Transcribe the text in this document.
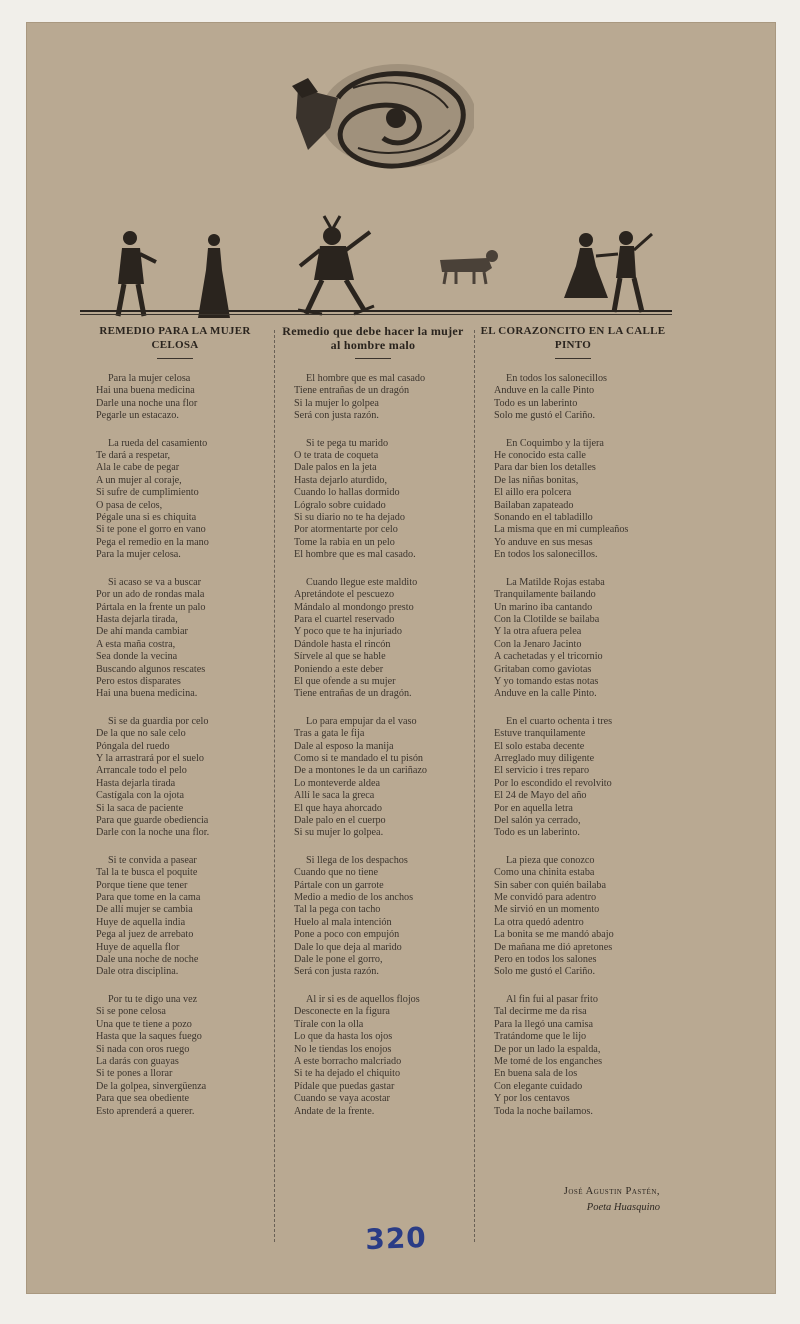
REMEDIO PARA LA MUJER CELOSA
Para la mujer celosa
Hai una buena medicina
Darle una noche una flor
Pegarle un estacazo.
La rueda del casamiento
Te dará a respetar,
Ala le cabe de pegar
A un mujer al coraje,
Si sufre de cumplimiento
O pasa de celos,
Pégale una si es chiquita
Si te pone el gorro en vano
Pega el remedio en la mano
Para la mujer celosa.
Si acaso se va a buscar
Por un ado de rondas mala
Pártala en la frente un palo
Hasta dejarla tirada,
De ahí manda cambiar
A esta maña costra,
Sea donde la vecina
Buscando algunos rescates
Pero estos disparates
Hai una buena medicina.
Si se da guardia por celo
De la que no sale celo
Póngala del ruedo
Y la arrastrará por el suelo
Arrancale todo el pelo
Hasta dejarla tirada
Castígala con la ojota
Si la saca de paciente
Para que guarde obediencia
Darle con la noche una flor.
Si te convida a pasear
Tal la te busca el poquite
Porque tiene que tener
Para que tome en la cama
De allí mujer se cambia
Huye de aquella india
Pega al juez de arrebato
Huye de aquella flor
Dale una noche de noche
Dale otra disciplina.
Por tu te digo una vez
Si se pone celosa
Una que te tiene a pozo
Hasta que la saques fuego
Si nada con oros ruego
La darás con guayas
Si te pones a llorar
De la golpea, sinvergüenza
Para que sea obediente
Esto aprenderá a querer.
Remedio que debe hacer la mujer al hombre malo
El hombre que es mal casado
Tiene entrañas de un dragón
Si la mujer lo golpea
Será con justa razón.
Si te pega tu marido
O te trata de coqueta
Dale palos en la jeta
Hasta dejarlo aturdido,
Cuando lo hallas dormido
Lógralo sobre cuidado
Si su diario no te ha dejado
Por atormentarte por celo
Tome la rabia en un pelo
El hombre que es mal casado.
Cuando llegue este maldito
Apretándote el pescuezo
Mándalo al mondongo presto
Para el cuartel reservado
Y poco que te ha injuriado
Dándole hasta el rincón
Sírvele al que se hable
Poniendo a este deber
El que ofende a su mujer
Tiene entrañas de un dragón.
Lo para empujar da el vaso
Tras a gata le fija
Dale al esposo la manija
Como si te mandado el tu pisón
De a montones le da un cariñazo
Lo monteverde aldea
Allí le saca la greca
El que haya ahorcado
Dale palo en el cuerpo
Si su mujer lo golpea.
Si llega de los despachos
Cuando que no tiene
Pártale con un garrote
Medio a medio de los anchos
Tal la pega con tacho
Huelo al mala intención
Pone a poco con empujón
Dale lo que deja al marido
Dale le pone el gorro,
Será con justa razón.
Al ir si es de aquellos flojos
Desconecte en la figura
Tírale con la olla
Lo que da hasta los ojos
No le tiendas los enojos
A este borracho malcriado
Si te ha dejado el chiquito
Pídale que puedas gastar
Cuando se vaya acostar
Andate de la frente.
EL CORAZONCITO EN LA CALLE PINTO
En todos los salonecillos
Anduve en la calle Pinto
Todo es un laberinto
Solo me gustó el Cariño.
En Coquimbo y la tijera
He conocido esta calle
Para dar bien los detalles
De las niñas bonitas,
El aillo era polcera
Bailaban zapateado
Sonando en el tabladillo
La misma que en mi cumpleaños
Yo anduve en sus mesas
En todos los salonecillos.
La Matilde Rojas estaba
Tranquilamente bailando
Un marino iba cantando
Con la Clotilde se bailaba
Y la otra afuera pelea
Con la Jenaro Jacinto
A cachetadas y el tricornio
Gritaban como gaviotas
Y yo tomando estas notas
Anduve en la calle Pinto.
En el cuarto ochenta i tres
Estuve tranquilamente
El solo estaba decente
Arreglado muy diligente
El servicio i tres reparo
Por lo escondido el revolvito
El 24 de Mayo del año
Por en aquella letra
Del salón ya cerrado,
Todo es un laberinto.
La pieza que conozco
Como una chinita estaba
Sin saber con quién bailaba
Me convidó para adentro
Me sirvió en un momento
La otra quedó adentro
La bonita se me mandó abajo
De mañana me dió apretones
Pero en todos los salones
Solo me gustó el Cariño.
Al fin fui al pasar frito
Tal decirme me da risa
Para la llegó una camisa
Tratándome que le lijo
De por un lado la espalda,
Me tomé de los enganches
En buena sala de los
Con elegante cuidado
Y por los centavos
Toda la noche bailamos.
José Agustin Pastén,
Poeta Huasquino
320
